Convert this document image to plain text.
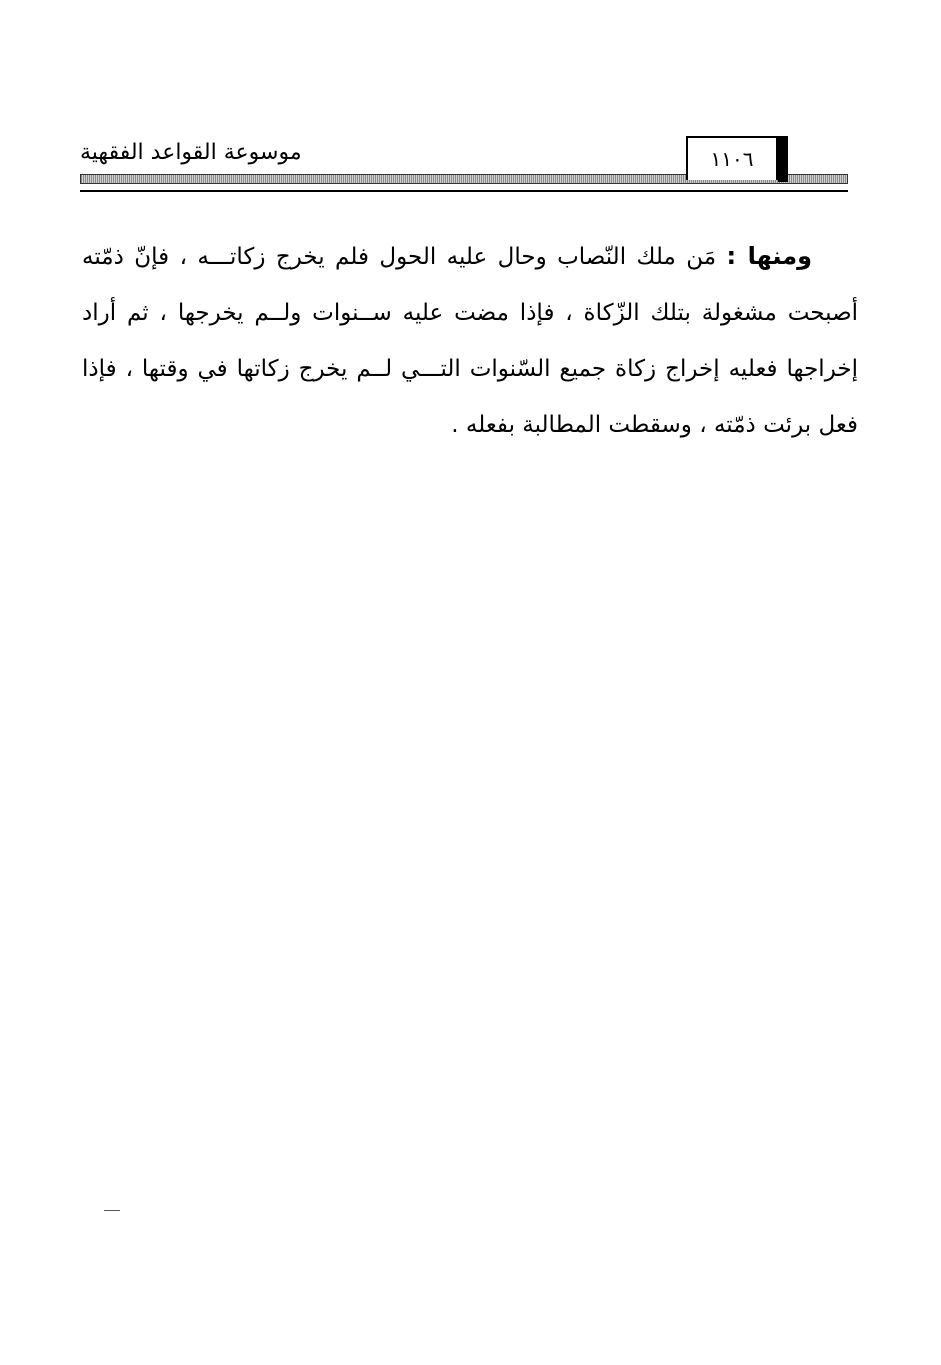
موسوعة القواعد الفقهية	١١٠٦

ومنها : مَن ملك النّصاب وحال عليه الحول فلم يخرج زكاتـــه ، فإنّ ذمّته أصبحت مشغولة بتلك الزّكاة ، فإذا مضت عليه ســنوات ولــم يخرجها ، ثم أراد إخراجها فعليه إخراج زكاة جميع السّنوات التـــي لــم يخرج زكاتها في وقتها ، فإذا فعل برئت ذمّته ، وسقطت المطالبة بفعله .
